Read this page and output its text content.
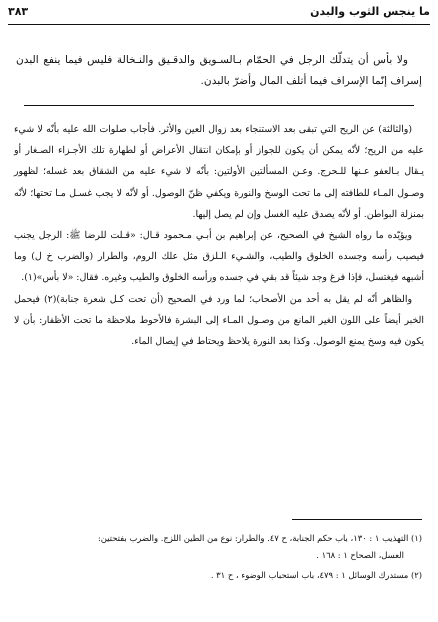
٣٨٣	ما ينجس الثوب والبدن

ولا بأس أن يتدلّك الرجل في الحمّام بـالسـويق والدقـيق والنـخالة فليس فيما ينفع البدن إسراف إنّما الإسراف فيما أتلف المال وأضرّ بالبدن.

(والثالثة) عن الريح التي تبقى بعد الاستنجاء بعد زوال العين والأثر. فأجاب صلوات الله عليه بأنّه لا شيء عليه من الريح؛ لأنّه يمكن أن يكون للجواز أو بإمكان انتقال الأعراض أو لطهارة تلك الأجـزاء الصـغار أو يـقال بـالعفو عـنها للـحرج. وعـن المسألتين الأولتين: بأنّه لا شيء عليه من الشقاق بعد غسله؛ لظهور وصـول المـاء للطافته إلى ما تحت الوسخ والنورة ويكفي ظنّ الوصول. أو لأنّه لا يجب غسـل مـا تحتها؛ لأنّه بمنزلة البواطن. أو لأنّه يصدق عليه الغسل وإن لم يصل إليها.

ويؤيّده ما رواه الشيخ في الصحيح، عن إبراهيم بن أبـي مـحمود قـال: «قـلت للرضا ﷺ: الرجل يجنب فيصيب رأسه وجسده الخلوق والطيب، والشـيء الـلزق مثل علك الروم، والطرار (والضرب خ ل) وما أشبهه فيغتسل، فإذا فرغ وجد شيئاً قد بقي في جسده ورأسه الخلوق والطيب وغيره. فقال: «لا بأس»(١).

والظاهر أنّه لم يقل به أحد من الأصحاب؛ لما ورد في الصحيح (أن تحت كـل شعرة جنابة)(٢) فيحمل الخبر أيضاً على اللون الغير المانع من وصـول المـاء إلى البشرة فالأحوط ملاحظة ما تحت الأظفار: بأن لا يكون فيه وسخ يمنع الوصول. وكذا بعد النورة يلاحظ ويحتاط في إيصال الماء.

(١) التهذيب ١ : ١٣٠، باب حكم الجنابة، ح ٤٧. والطرار: نوع من الطين اللزج. والضرب بفتحتين:
العسل، الصحاح ١ : ١٦٨ .

(٢) مستدرك الوسائل ١ : ٤٧٩، باب استحباب الوضوء ، ح ٣١ .
